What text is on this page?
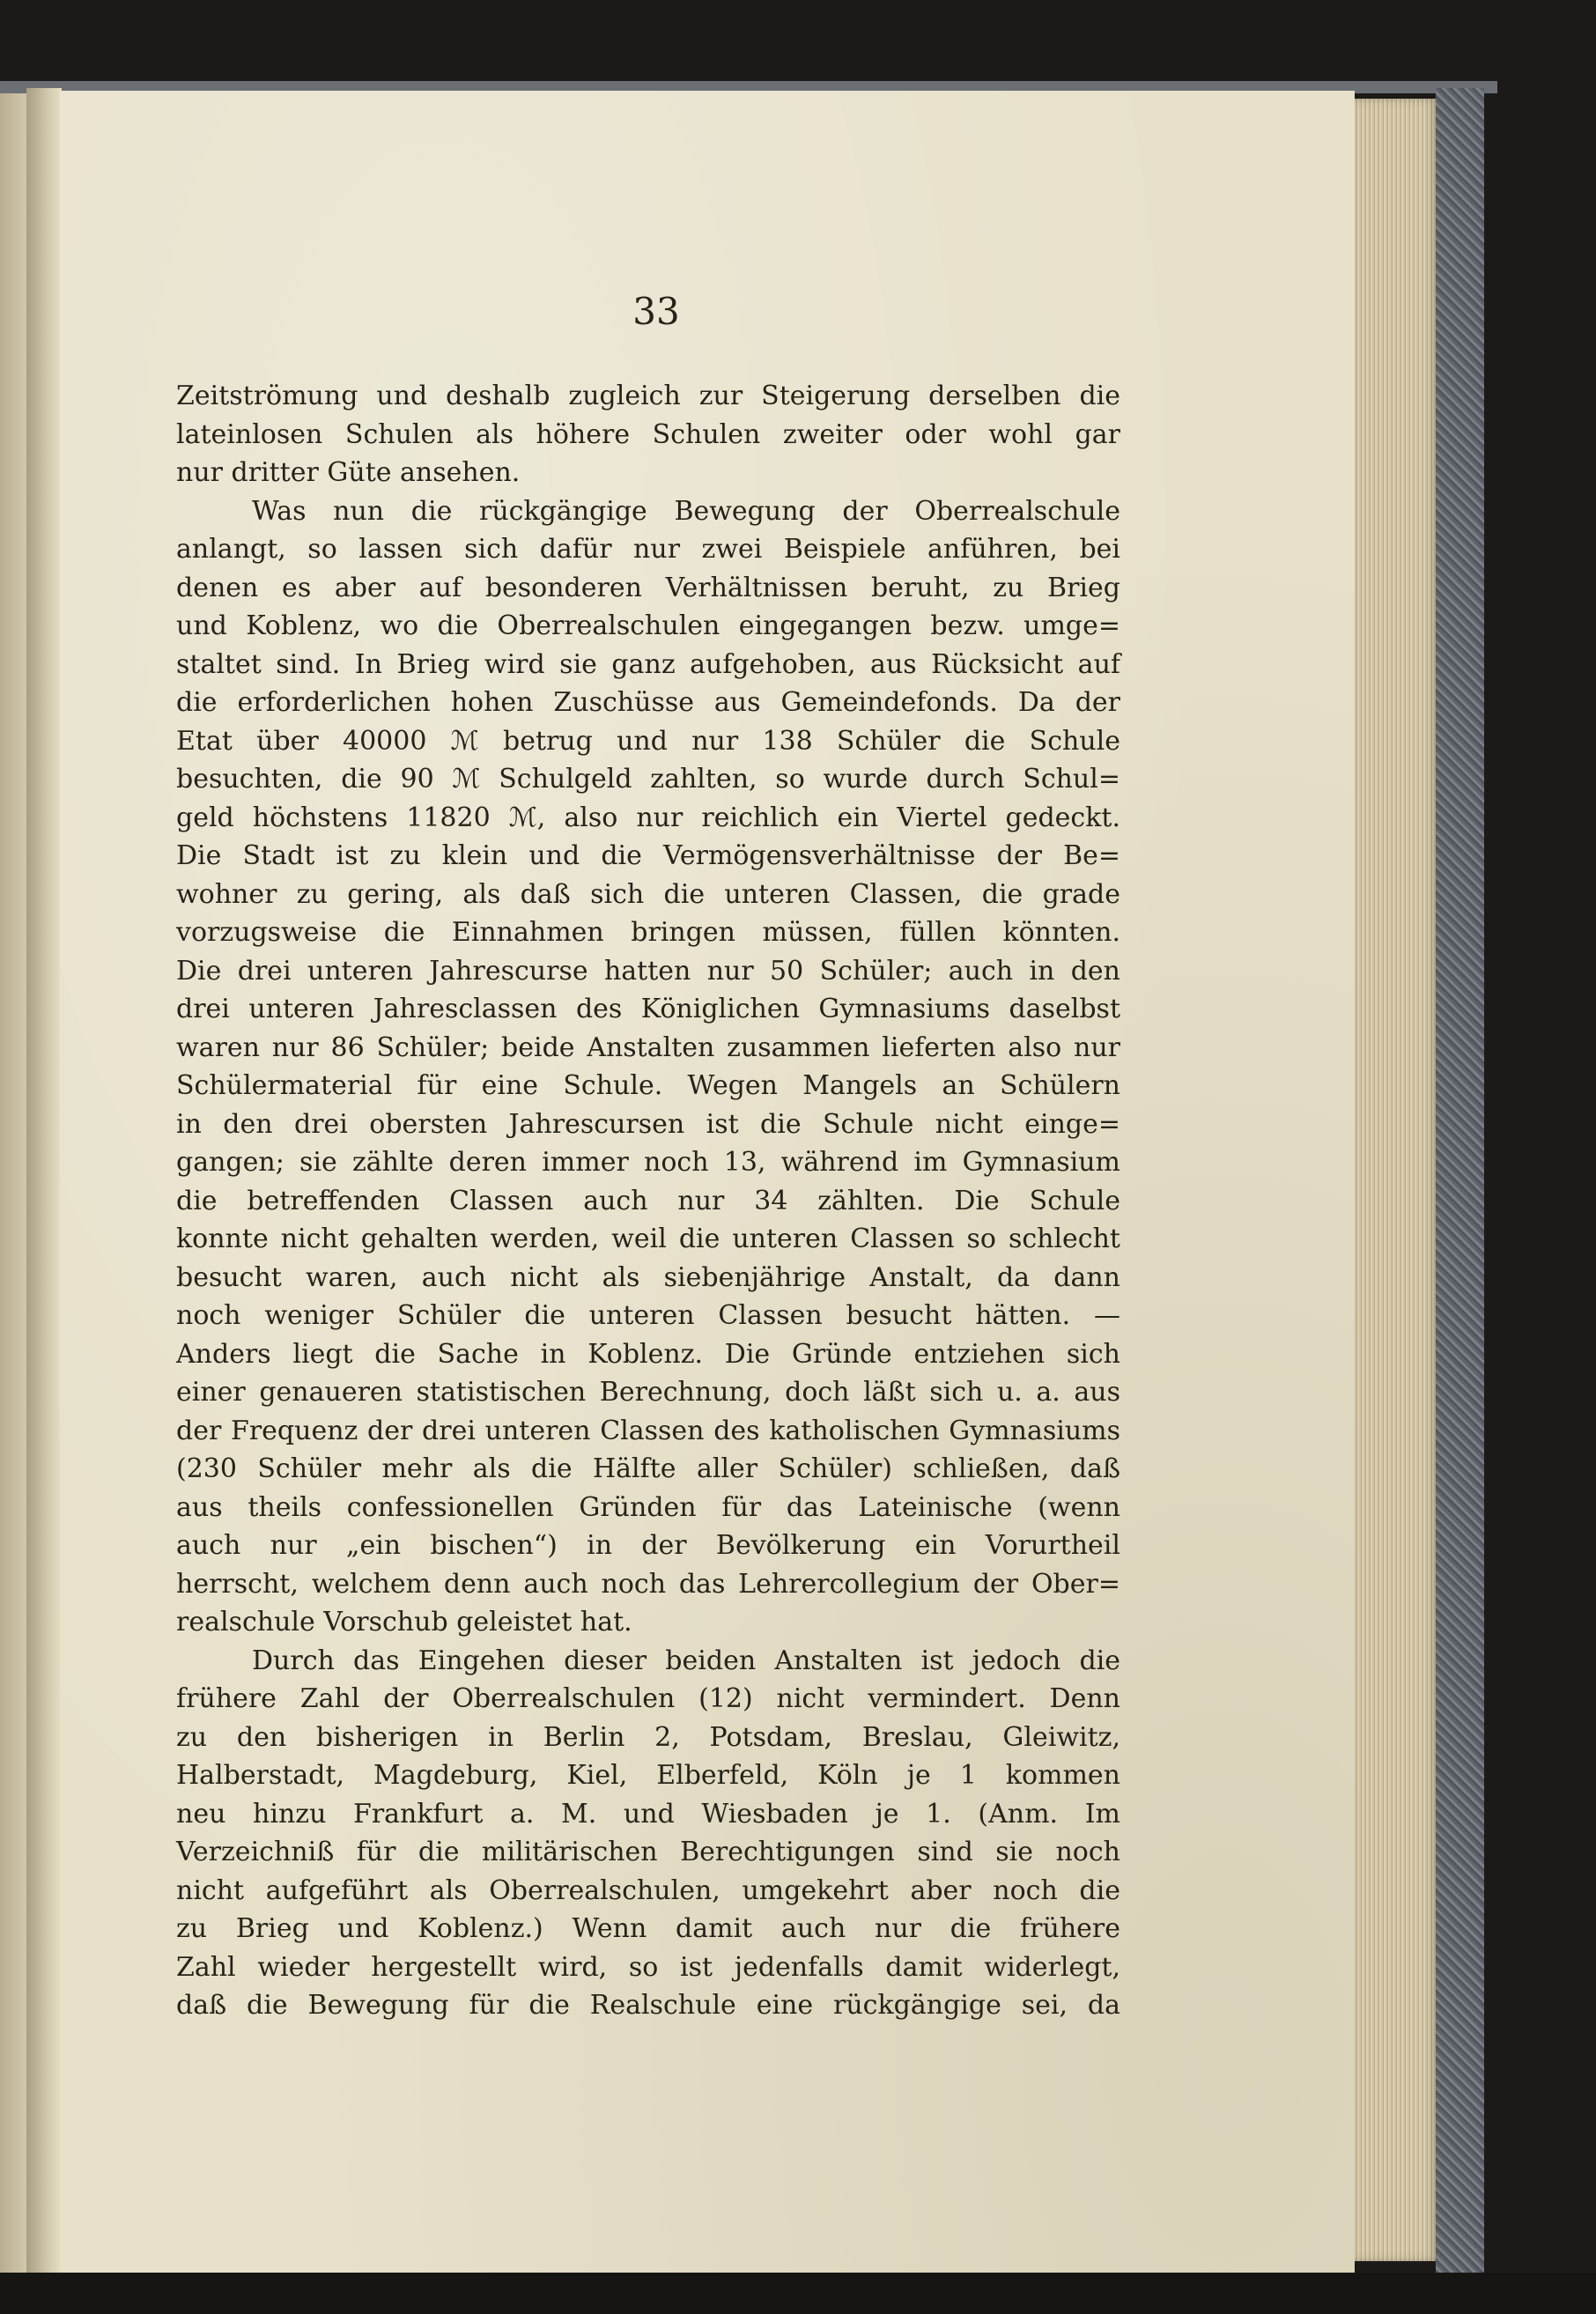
33
Zeitströmung und deshalb zugleich zur Steigerung derselben die
lateinlosen Schulen als höhere Schulen zweiter oder wohl gar
nur dritter Güte ansehen.
Was nun die rückgängige Bewegung der Oberrealschule
anlangt, so lassen sich dafür nur zwei Beispiele anführen, bei
denen es aber auf besonderen Verhältnissen beruht, zu Brieg
und Koblenz, wo die Oberrealschulen eingegangen bezw. umge=
staltet sind. In Brieg wird sie ganz aufgehoben, aus Rücksicht auf
die erforderlichen hohen Zuschüsse aus Gemeindefonds. Da der
Etat über 40000 ℳ betrug und nur 138 Schüler die Schule
besuchten, die 90 ℳ Schulgeld zahlten, so wurde durch Schul=
geld höchstens 11820 ℳ, also nur reichlich ein Viertel gedeckt.
Die Stadt ist zu klein und die Vermögensverhältnisse der Be=
wohner zu gering, als daß sich die unteren Classen, die grade
vorzugsweise die Einnahmen bringen müssen, füllen könnten.
Die drei unteren Jahrescurse hatten nur 50 Schüler; auch in den
drei unteren Jahresclassen des Königlichen Gymnasiums daselbst
waren nur 86 Schüler; beide Anstalten zusammen lieferten also nur
Schülermaterial für eine Schule. Wegen Mangels an Schülern
in den drei obersten Jahrescursen ist die Schule nicht einge=
gangen; sie zählte deren immer noch 13, während im Gymnasium
die betreffenden Classen auch nur 34 zählten. Die Schule
konnte nicht gehalten werden, weil die unteren Classen so schlecht
besucht waren, auch nicht als siebenjährige Anstalt, da dann
noch weniger Schüler die unteren Classen besucht hätten. —
Anders liegt die Sache in Koblenz. Die Gründe entziehen sich
einer genaueren statistischen Berechnung, doch läßt sich u. a. aus
der Frequenz der drei unteren Classen des katholischen Gymnasiums
(230 Schüler mehr als die Hälfte aller Schüler) schließen, daß
aus theils confessionellen Gründen für das Lateinische (wenn
auch nur „ein bischen“) in der Bevölkerung ein Vorurtheil
herrscht, welchem denn auch noch das Lehrercollegium der Ober=
realschule Vorschub geleistet hat.
Durch das Eingehen dieser beiden Anstalten ist jedoch die
frühere Zahl der Oberrealschulen (12) nicht vermindert. Denn
zu den bisherigen in Berlin 2, Potsdam, Breslau, Gleiwitz,
Halberstadt, Magdeburg, Kiel, Elberfeld, Köln je 1 kommen
neu hinzu Frankfurt a. M. und Wiesbaden je 1. (Anm. Im
Verzeichniß für die militärischen Berechtigungen sind sie noch
nicht aufgeführt als Oberrealschulen, umgekehrt aber noch die
zu Brieg und Koblenz.) Wenn damit auch nur die frühere
Zahl wieder hergestellt wird, so ist jedenfalls damit widerlegt,
daß die Bewegung für die Realschule eine rückgängige sei, da
